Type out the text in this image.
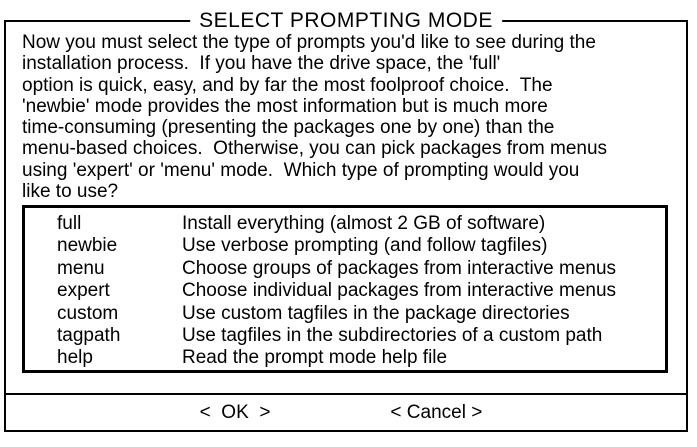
SELECT PROMPTING MODE
Now you must select the type of prompts you'd like to see during the
installation process.  If you have the drive space, the 'full'
option is quick, easy, and by far the most foolproof choice.  The
'newbie' mode provides the most information but is much more
time-consuming (presenting the packages one by one) than the
menu-based choices.  Otherwise, you can pick packages from menus
using 'expert' or 'menu' mode.  Which type of prompting would you
like to use?
full	Install everything (almost 2 GB of software)
newbie	Use verbose prompting (and follow tagfiles)
menu	Choose groups of packages from interactive menus
expert	Choose individual packages from interactive menus
custom	Use custom tagfiles in the package directories
tagpath	Use tagfiles in the subdirectories of a custom path
help	Read the prompt mode help file
<  OK  >	< Cancel >
